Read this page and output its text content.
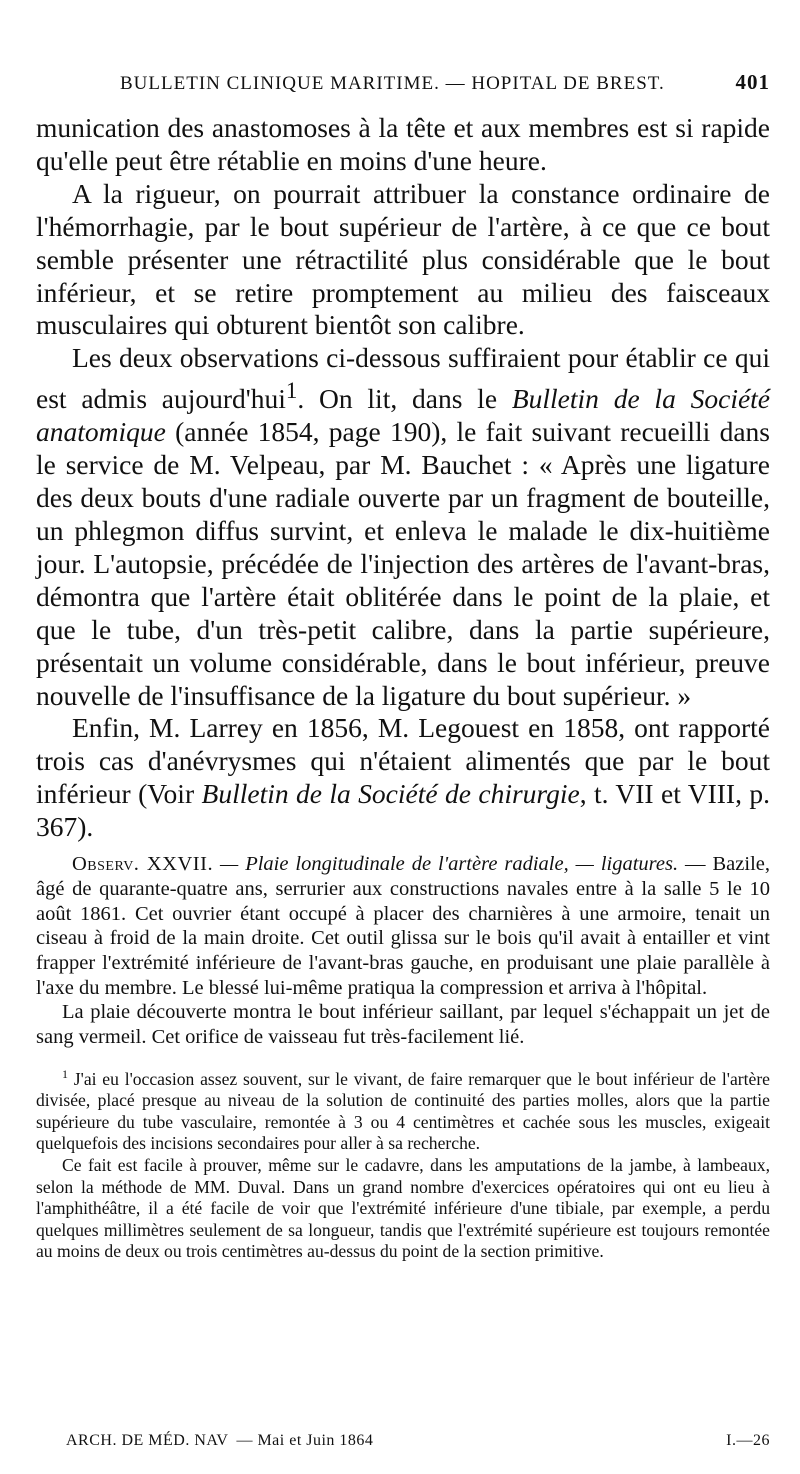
BULLETIN CLINIQUE MARITIME. — HOPITAL DE BREST.	401

munication des anastomoses à la tête et aux membres est si rapide qu'elle peut être rétablie en moins d'une heure.

A la rigueur, on pourrait attribuer la constance ordinaire de l'hémorrhagie, par le bout supérieur de l'artère, à ce que ce bout semble présenter une rétractilité plus considérable que le bout inférieur, et se retire promptement au milieu des faisceaux musculaires qui obturent bientôt son calibre.

Les deux observations ci-dessous suffiraient pour établir ce qui est admis aujourd'hui$^1$. On lit, dans le Bulletin de la Société anatomique (année 1854, page 190), le fait suivant recueilli dans le service de M. Velpeau, par M. Bauchet : « Après une ligature des deux bouts d'une radiale ouverte par un fragment de bouteille, un phlegmon diffus survint, et enleva le malade le dix-huitième jour. L'autopsie, précédée de l'injection des artères de l'avant-bras, démontra que l'artère était oblitérée dans le point de la plaie, et que le tube, d'un très-petit calibre, dans la partie supérieure, présentait un volume considérable, dans le bout inférieur, preuve nouvelle de l'insuffisance de la ligature du bout supérieur. »

Enfin, M. Larrey en 1856, M. Legouest en 1858, ont rapporté trois cas d'anévrysmes qui n'étaient alimentés que par le bout inférieur (Voir Bulletin de la Société de chirurgie, t. VII et VIII, p. 367).

Observ. XXVII. — Plaie longitudinale de l'artère radiale, — ligatures. — Bazile, âgé de quarante-quatre ans, serrurier aux constructions navales entre à la salle 5 le 10 août 1861. Cet ouvrier étant occupé à placer des charnières à une armoire, tenait un ciseau à froid de la main droite. Cet outil glissa sur le bois qu'il avait à entailler et vint frapper l'extrémité inférieure de l'avant-bras gauche, en produisant une plaie parallèle à l'axe du membre. Le blessé lui-même pratiqua la compression et arriva à l'hôpital.

La plaie découverte montra le bout inférieur saillant, par lequel s'échappait un jet de sang vermeil. Cet orifice de vaisseau fut très-facilement lié.

$^1$ J'ai eu l'occasion assez souvent, sur le vivant, de faire remarquer que le bout inférieur de l'artère divisée, placé presque au niveau de la solution de continuité des parties molles, alors que la partie supérieure du tube vasculaire, remontée à 3 ou 4 centimètres et cachée sous les muscles, exigeait quelquefois des incisions secondaires pour aller à sa recherche.

Ce fait est facile à prouver, même sur le cadavre, dans les amputations de la jambe, à lambeaux, selon la méthode de MM. Duval. Dans un grand nombre d'exercices opératoires qui ont eu lieu à l'amphithéâtre, il a été facile de voir que l'extrémité inférieure d'une tibiale, par exemple, a perdu quelques millimètres seulement de sa longueur, tandis que l'extrémité supérieure est toujours remontée au moins de deux ou trois centimètres au-dessus du point de la section primitive.

ARCH. DE MÉD. NAV — Mai et Juin 1864	I.—26
